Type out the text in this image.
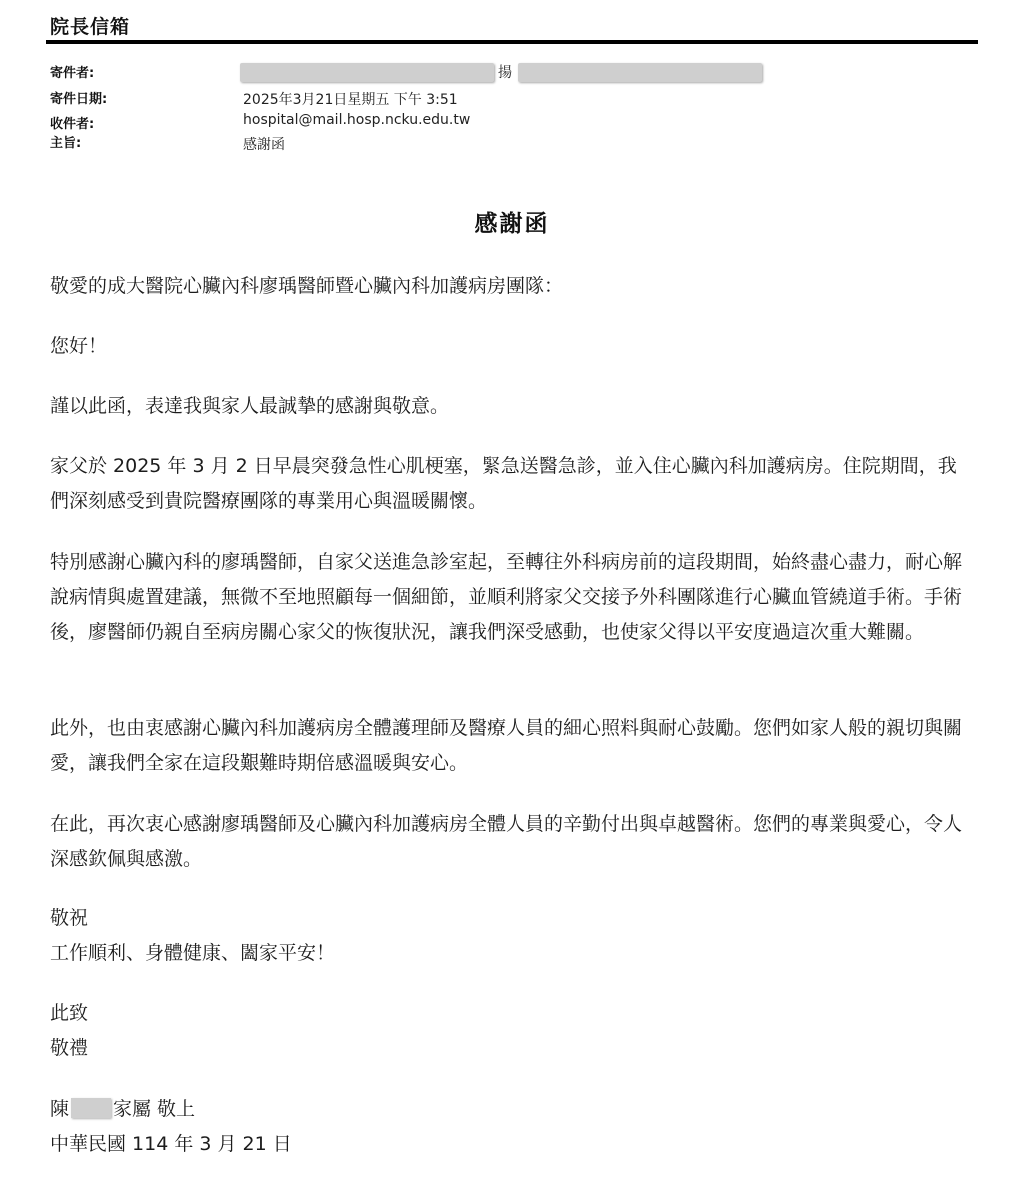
院長信箱
寄件者:	揚
寄件日期:	2025年3月21日星期五 下午 3:51
收件者:	hospital@mail.hosp.ncku.edu.tw
主旨:	感謝函
感謝函

敬愛的成大醫院心臟內科廖瑀醫師暨心臟內科加護病房團隊：

您好！

謹以此函，表達我與家人最誠摯的感謝與敬意。

家父於 2025 年 3 月 2 日早晨突發急性心肌梗塞，緊急送醫急診，並入住心臟內科加護病房。住院期間，我們深刻感受到貴院醫療團隊的專業用心與溫暖關懷。

特別感謝心臟內科的廖瑀醫師，自家父送進急診室起，至轉往外科病房前的這段期間，始終盡心盡力，耐心解說病情與處置建議，無微不至地照顧每一個細節，並順利將家父交接予外科團隊進行心臟血管繞道手術。手術後，廖醫師仍親自至病房關心家父的恢復狀況，讓我們深受感動，也使家父得以平安度過這次重大難關。

此外，也由衷感謝心臟內科加護病房全體護理師及醫療人員的細心照料與耐心鼓勵。您們如家人般的親切與關愛，讓我們全家在這段艱難時期倍感溫暖與安心。

在此，再次衷心感謝廖瑀醫師及心臟內科加護病房全體人員的辛勤付出與卓越醫術。您們的專業與愛心，令人深感欽佩與感激。

敬祝
工作順利、身體健康、闔家平安！
此致
敬禮
陳 家屬 敬上
中華民國 114 年 3 月 21 日
